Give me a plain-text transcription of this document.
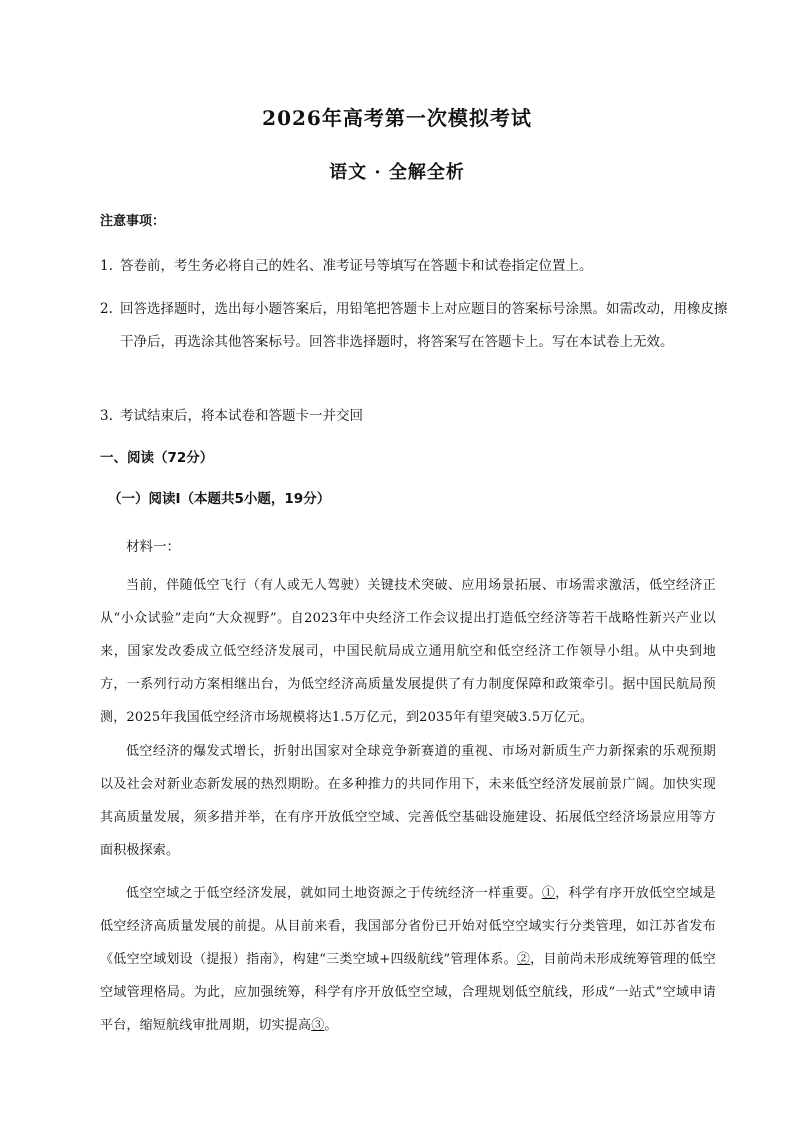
2026年高考第一次模拟考试
语文 · 全解全析
注意事项：
1. 答卷前，考生务必将自己的姓名、准考证号等填写在答题卡和试卷指定位置上。
2. 回答选择题时，选出每小题答案后，用铅笔把答题卡上对应题目的答案标号涂黑。如需改动，用橡皮擦干净后，再选涂其他答案标号。回答非选择题时，将答案写在答题卡上。写在本试卷上无效。
3. 考试结束后，将本试卷和答题卡一并交回
一、阅读（72分）
（一）阅读Ⅰ（本题共5小题，19分）
材料一：
当前，伴随低空飞行（有人或无人驾驶）关键技术突破、应用场景拓展、市场需求激活，低空经济正从“小众试验”走向“大众视野”。自2023年中央经济工作会议提出打造低空经济等若干战略性新兴产业以来，国家发改委成立低空经济发展司，中国民航局成立通用航空和低空经济工作领导小组。从中央到地方，一系列行动方案相继出台，为低空经济高质量发展提供了有力制度保障和政策牵引。据中国民航局预测，2025年我国低空经济市场规模将达1.5万亿元，到2035年有望突破3.5万亿元。
低空经济的爆发式增长，折射出国家对全球竞争新赛道的重视、市场对新质生产力新探索的乐观预期以及社会对新业态新发展的热烈期盼。在多种推力的共同作用下，未来低空经济发展前景广阔。加快实现其高质量发展，须多措并举，在有序开放低空空域、完善低空基础设施建设、拓展低空经济场景应用等方面积极探索。
低空空域之于低空经济发展，就如同土地资源之于传统经济一样重要。①，科学有序开放低空空域是低空经济高质量发展的前提。从目前来看，我国部分省份已开始对低空空域实行分类管理，如江苏省发布《低空空域划设（提报）指南》，构建“三类空域+四级航线”管理体系。②，目前尚未形成统筹管理的低空空域管理格局。为此，应加强统筹，科学有序开放低空空域，合理规划低空航线，形成“一站式”空域申请平台，缩短航线审批周期，切实提高③。
